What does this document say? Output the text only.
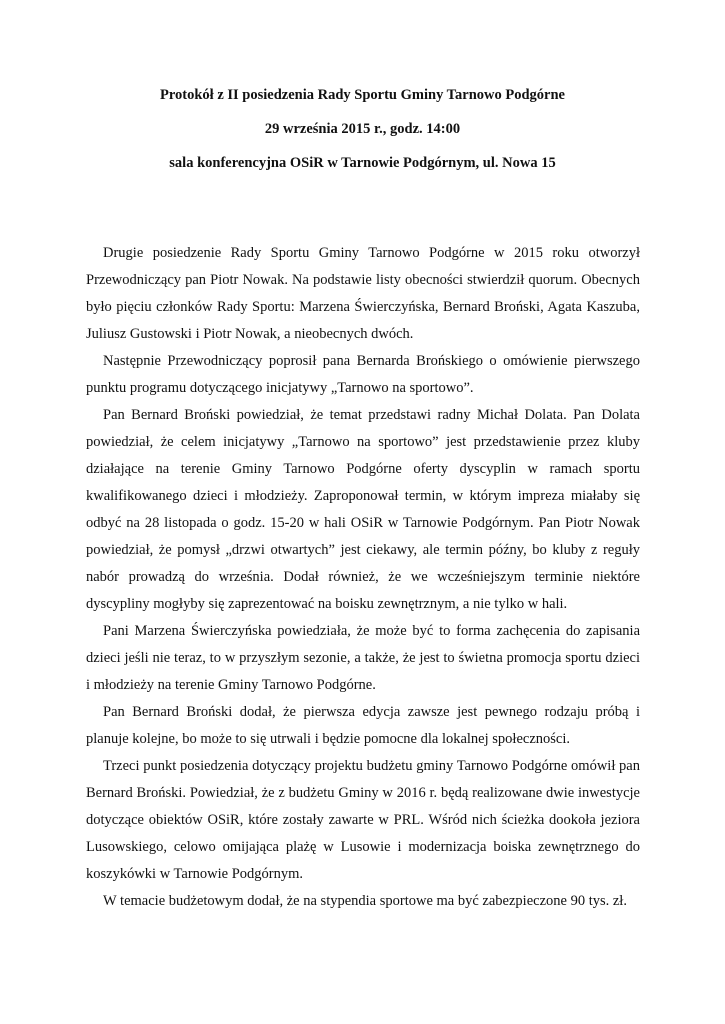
Protokół z II posiedzenia Rady Sportu Gminy Tarnowo Podgórne

29 września 2015 r., godz. 14:00

sala konferencyjna OSiR w Tarnowie Podgórnym, ul. Nowa 15

Drugie posiedzenie Rady Sportu Gminy Tarnowo Podgórne w 2015 roku otworzył Przewodniczący pan Piotr Nowak. Na podstawie listy obecności stwierdził quorum. Obecnych było pięciu członków Rady Sportu: Marzena Świerczyńska, Bernard Broński, Agata Kaszuba, Juliusz Gustowski i Piotr Nowak, a nieobecnych dwóch.

Następnie Przewodniczący poprosił pana Bernarda Brońskiego o omówienie pierwszego punktu programu dotyczącego inicjatywy „Tarnowo na sportowo”.

Pan Bernard Broński powiedział, że temat przedstawi radny Michał Dolata. Pan Dolata powiedział, że celem inicjatywy „Tarnowo na sportowo” jest przedstawienie przez kluby działające na terenie Gminy Tarnowo Podgórne oferty dyscyplin w ramach sportu kwalifikowanego dzieci i młodzieży. Zaproponował termin, w którym impreza miałaby się odbyć na 28 listopada o godz. 15-20 w hali OSiR w Tarnowie Podgórnym. Pan Piotr Nowak powiedział, że pomysł „drzwi otwartych” jest ciekawy, ale termin późny, bo kluby z reguły nabór prowadzą do września. Dodał również, że we wcześniejszym terminie niektóre dyscypliny mogłyby się zaprezentować na boisku zewnętrznym, a nie tylko w hali.

Pani Marzena Świerczyńska powiedziała, że może być to forma zachęcenia do zapisania dzieci jeśli nie teraz, to w przyszłym sezonie, a także, że jest to świetna promocja sportu dzieci i młodzieży na terenie Gminy Tarnowo Podgórne.

Pan Bernard Broński dodał, że pierwsza edycja zawsze jest pewnego rodzaju próbą i planuje kolejne, bo może to się utrwali i będzie pomocne dla lokalnej społeczności.

Trzeci punkt posiedzenia dotyczący projektu budżetu gminy Tarnowo Podgórne omówił pan Bernard Broński. Powiedział, że z budżetu Gminy w 2016 r. będą realizowane dwie inwestycje dotyczące obiektów OSiR, które zostały zawarte w PRL. Wśród nich ścieżka dookoła jeziora Lusowskiego, celowo omijająca plażę w Lusowie i modernizacja boiska zewnętrznego do koszykówki w Tarnowie Podgórnym.

W temacie budżetowym dodał, że na stypendia sportowe ma być zabezpieczone 90 tys. zł.
